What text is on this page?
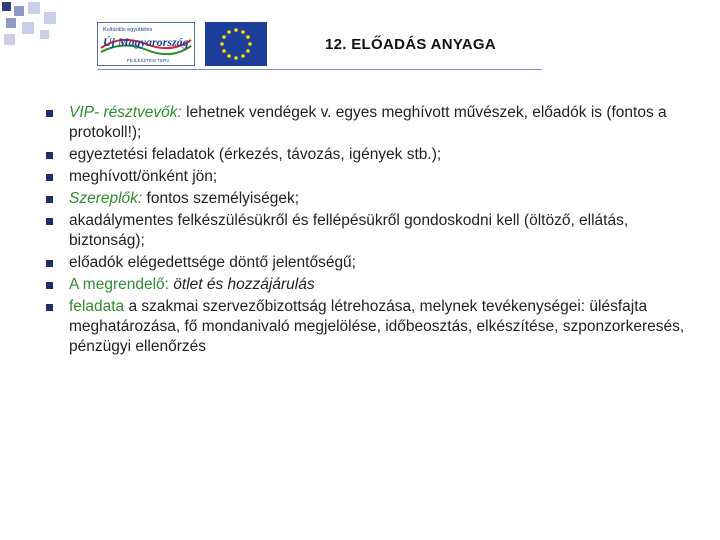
Kultúrális együttélés
Új Magyarország
FEJLESZTÉSI TERV
12. ELŐADÁS ANYAGA
VIP- résztvevők: lehetnek vendégek v. egyes meghívott művészek, előadók is (fontos a protokoll!);
egyeztetési feladatok (érkezés, távozás, igények stb.);
meghívott/önként jön;
Szereplők: fontos személyiségek;
akadálymentes felkészülésükről és fellépésükről gondoskodni kell (öltöző, ellátás, biztonság);
előadók elégedettsége döntő jelentőségű;
A megrendelő: ötlet és hozzájárulás
feladata a szakmai szervezőbizottság létrehozása, melynek tevékenységei: ülésfajta meghatározása, fő mondanivaló megjelölése, időbeosztás, elkészítése, szponzorkeresés, pénzügyi ellenőrzés
